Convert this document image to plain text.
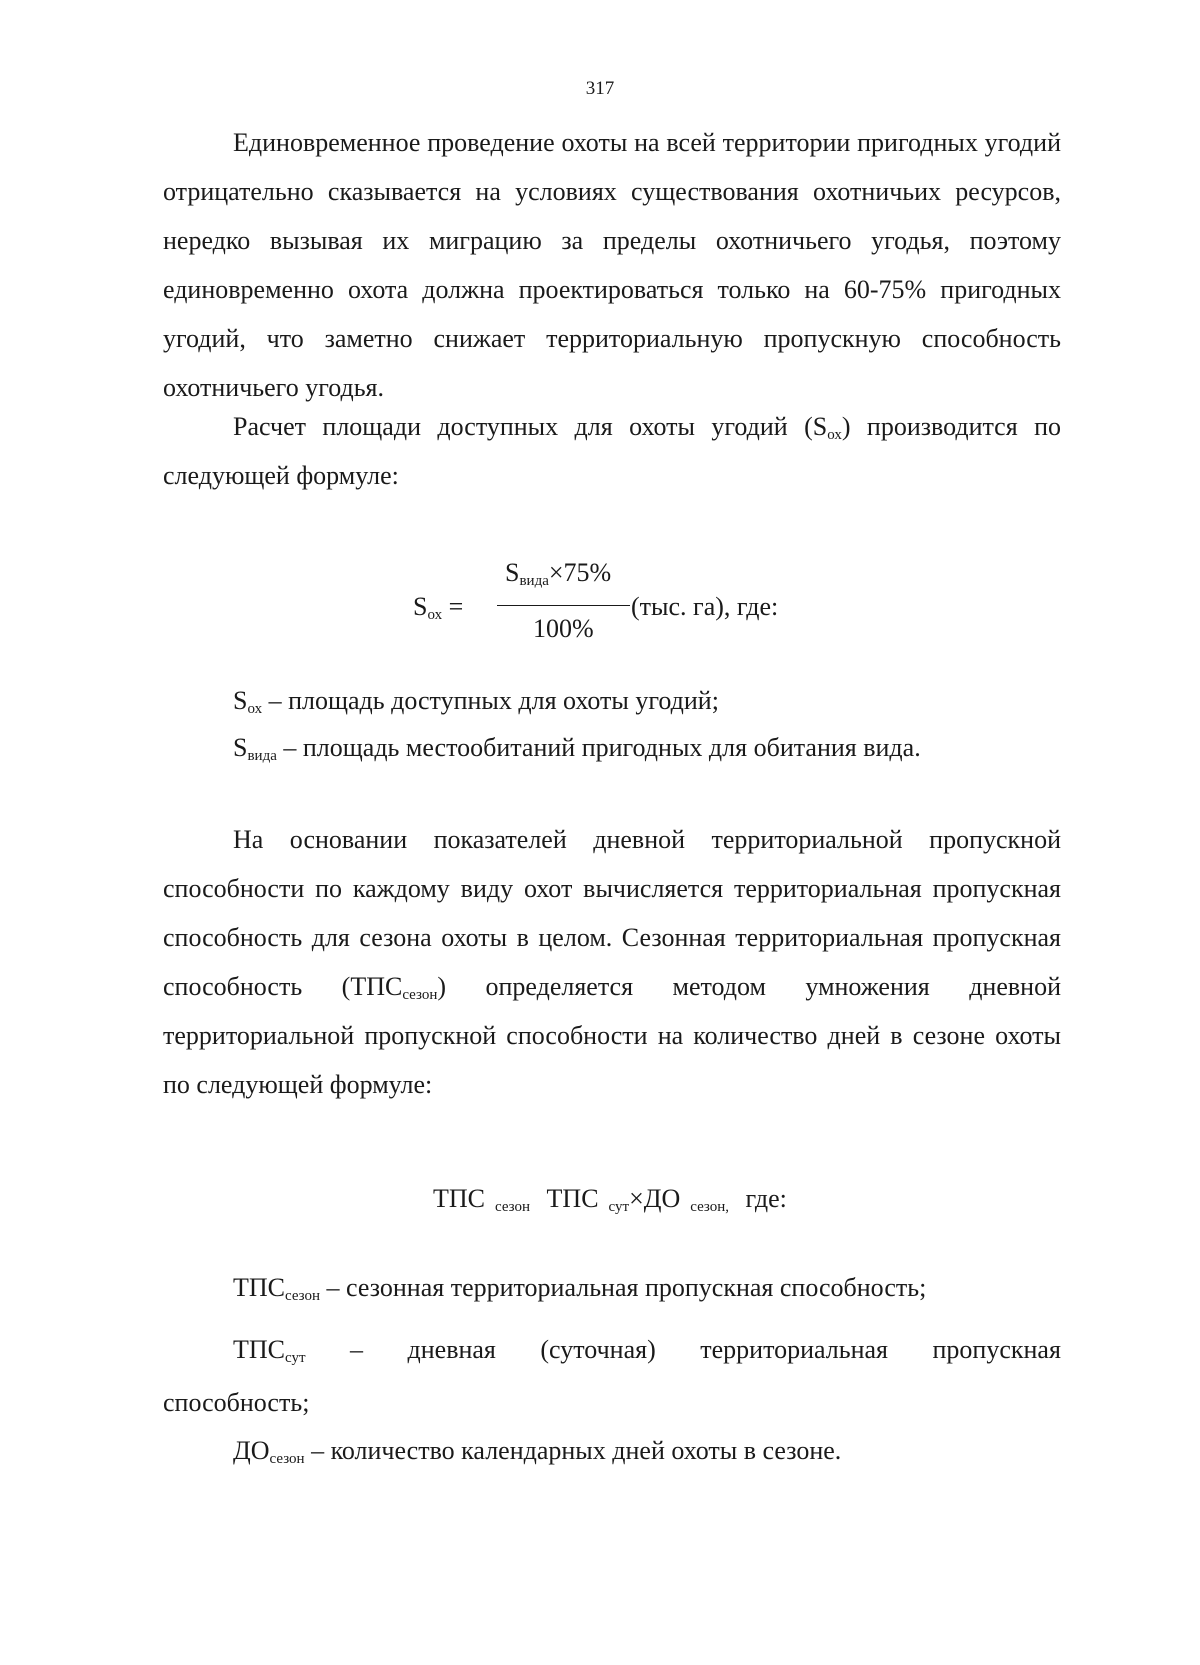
317

Единовременное проведение охоты на всей территории пригодных угодий отрицательно сказывается на условиях существования охотничьих ресурсов, нередко вызывая их миграцию за пределы охотничьего угодья, поэтому единовременно охота должна проектироваться только на 60-75% пригодных угодий, что заметно снижает территориальную пропускную способность охотничьего угодья.

Расчет площади доступных для охоты угодий $(S_{ох})$ производится по следующей формуле:

$S_{ох}$ =
$S_{вида}\times 75\%$
100%
(тыс. га), где:
$S_{ох}$ – площадь доступных для охоты угодий;
$S_{вида}$ – площадь местообитаний пригодных для обитания вида.

На основании показателей дневной территориальной пропускной способности по каждому виду охот вычисляется территориальная пропускная способность для сезона охоты в целом. Сезонная территориальная пропускная способность $(ТПС_{сезон})$ определяется методом умножения дневной территориальной пропускной способности на количество дней в сезоне охоты по следующей формуле:

ТПС $_{сезон}$ ТПС $_{сут}$×ДО $_{сезон,}$ где:
$ТПС_{сезон}$ – сезонная территориальная пропускная способность;
$ТПС_{сут}$ – дневная (суточная) территориальная пропускная
способность;
$ДО_{сезон}$ – количество календарных дней охоты в сезоне.
